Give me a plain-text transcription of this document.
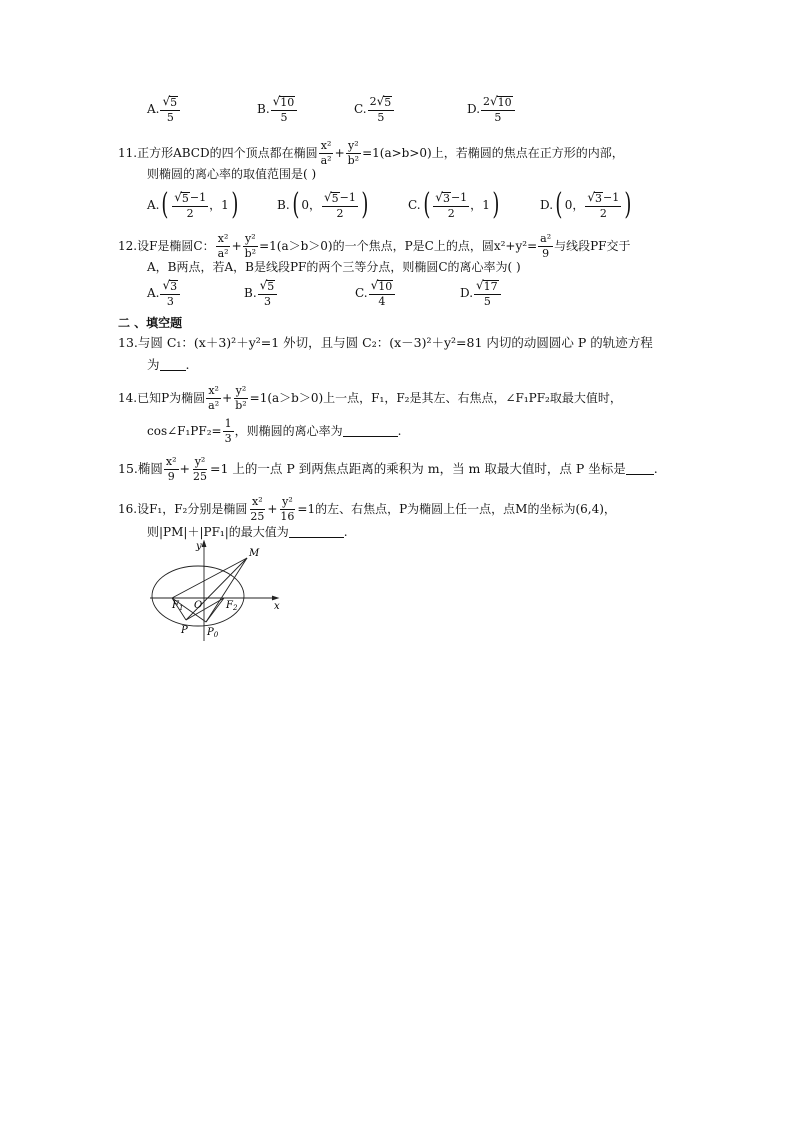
A.
√ 5
5
B.
√ 10
5
C.
2 √ 5
5
D.
2 √ 10
5
11.正方形ABCD的四个顶点都在椭圆
x²
$a^2 + \frac{\text{y²}}{\text{b²}} =1(a>b>0)$上，若椭圆的焦点在正方形的内部，
则椭圆的离心率的取值范围是( )
A. ( √ 5 −1
2
， 1 )	B. ( 0 ，
√ 5 −1
2 )	C. ( √ 3 −1
2
， 1 )	D. ( 0 ，
√ 3 −1
2 )
12.设F是椭圆C：
x²
$a^2 + \frac{\text{y²}}{\text{b²}} =1(a>b>0)$的一个焦点，P是C上的点，圆$x^2+y^2= \frac{\text{a²}}{9}$ 与线段PF交于
A，B两点，若A，B是线段PF的两个三等分点，则椭圆C的离心率为( )
A.
√ 3
3
B.
√ 5
3
C.
√ 10
4
D.
√ 17
5
二 、填空题
13.与圆 C₁：(x＋3)²＋y²=1 外切，且与圆 C₂：(x－3)²＋y²=81 内切的动圆圆心 P 的轨迹方程
为 .
14.已知P为椭圆
x²
$a^2 + \frac{\text{y²}}{\text{b²}} =1(a>b>0)$上一点，F₁，F₂是其左、右焦点，∠F₁PF₂取最大值时，
cos∠F₁PF₂= $\frac{1}{3}$ ，则椭圆的离心率为	.
15.椭圆 x²
9
+ $\frac{\text{y²}}{25} =1$ 上的一点 P 到两焦点距离的乘积为 m，当 m 取最大值时，点 P 坐标是 .
16.设F₁，F₂分别是椭圆
x²
$25 + \frac{\text{y²}}{16} =1$的左、右焦点，P为椭圆上任一点，点M的坐标为(6,4)，
则|PM|＋|PF₁|的最大值为	.
y
x
M
O
$F_1$	$F_2$
P $P_0$
